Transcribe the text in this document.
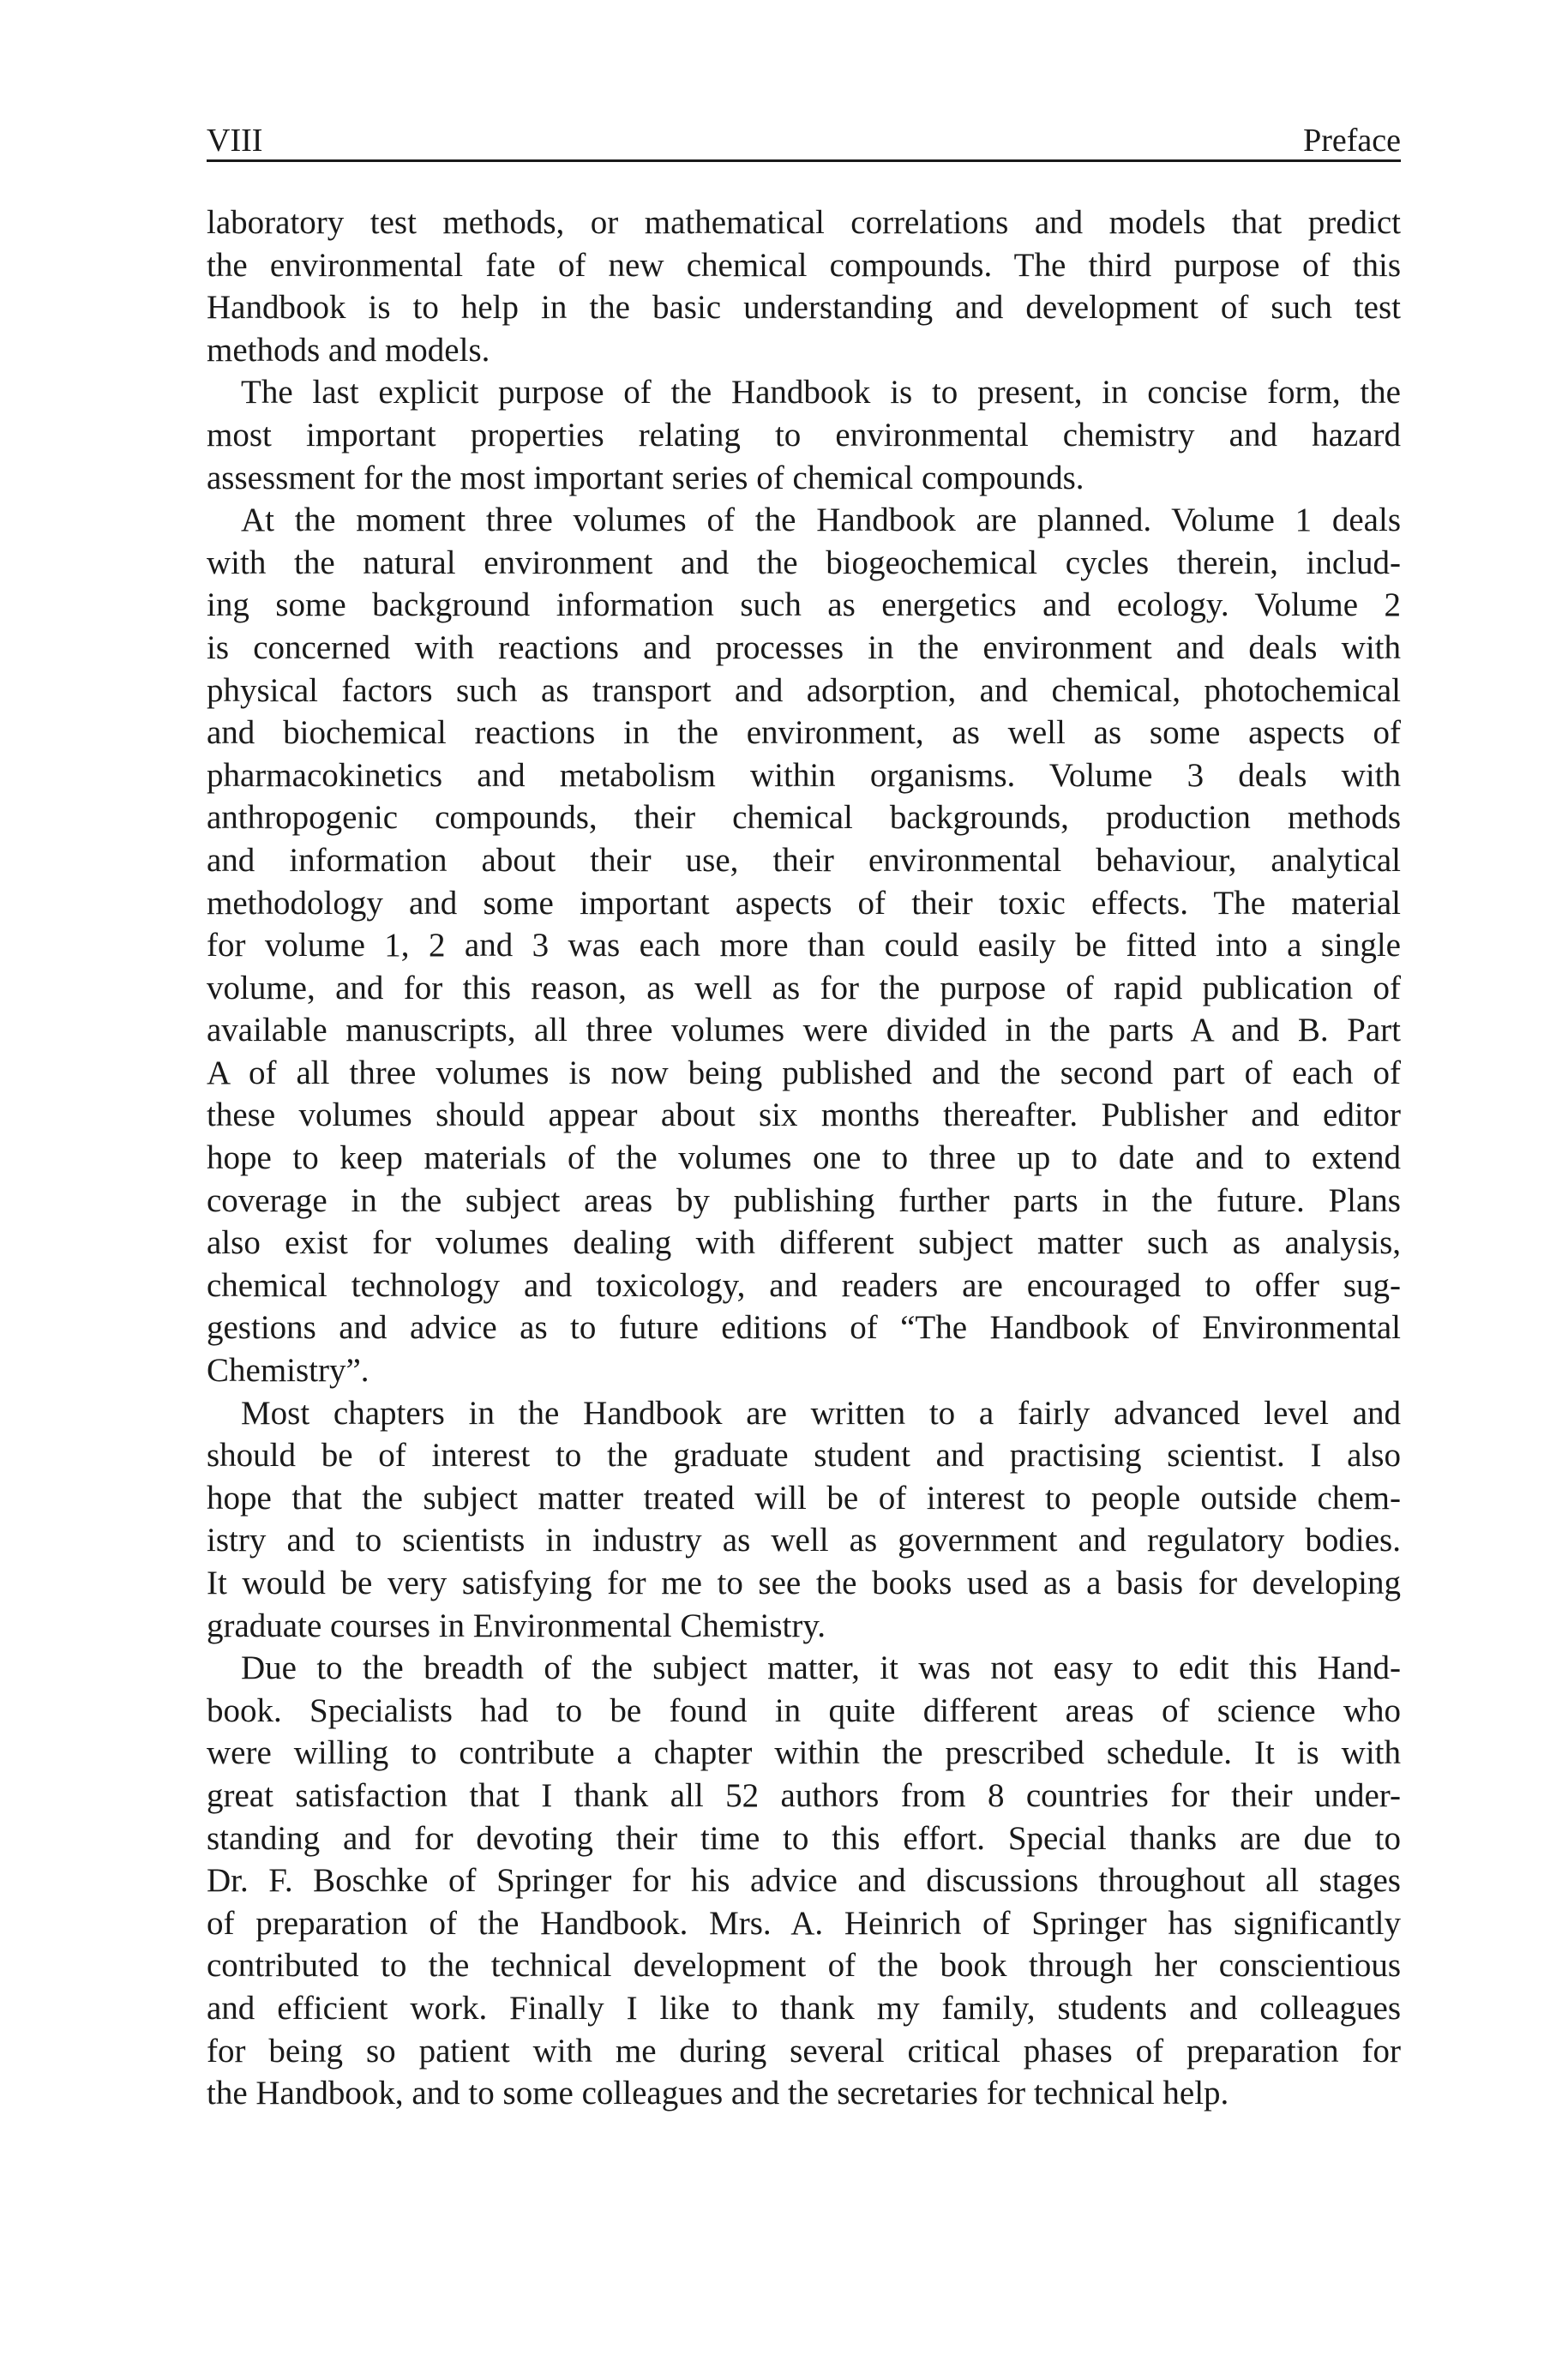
VIII	Preface
laboratory test methods, or mathematical correlations and models that predict
the environmental fate of new chemical compounds. The third purpose of this
Handbook is to help in the basic understanding and development of such test
methods and models.
The last explicit purpose of the Handbook is to present, in concise form, the
most important properties relating to environmental chemistry and hazard
assessment for the most important series of chemical compounds.
At the moment three volumes of the Handbook are planned. Volume 1 deals
with the natural environment and the biogeochemical cycles therein, includ-
ing some background information such as energetics and ecology. Volume 2
is concerned with reactions and processes in the environment and deals with
physical factors such as transport and adsorption, and chemical, photochemical
and biochemical reactions in the environment, as well as some aspects of
pharmacokinetics and metabolism within organisms. Volume 3 deals with
anthropogenic compounds, their chemical backgrounds, production methods
and information about their use, their environmental behaviour, analytical
methodology and some important aspects of their toxic effects. The material
for volume 1, 2 and 3 was each more than could easily be fitted into a single
volume, and for this reason, as well as for the purpose of rapid publication of
available manuscripts, all three volumes were divided in the parts A and B. Part
A of all three volumes is now being published and the second part of each of
these volumes should appear about six months thereafter. Publisher and editor
hope to keep materials of the volumes one to three up to date and to extend
coverage in the subject areas by publishing further parts in the future. Plans
also exist for volumes dealing with different subject matter such as analysis,
chemical technology and toxicology, and readers are encouraged to offer sug-
gestions and advice as to future editions of “The Handbook of Environmental
Chemistry”.
Most chapters in the Handbook are written to a fairly advanced level and
should be of interest to the graduate student and practising scientist. I also
hope that the subject matter treated will be of interest to people outside chem-
istry and to scientists in industry as well as government and regulatory bodies.
It would be very satisfying for me to see the books used as a basis for developing
graduate courses in Environmental Chemistry.
Due to the breadth of the subject matter, it was not easy to edit this Hand-
book. Specialists had to be found in quite different areas of science who
were willing to contribute a chapter within the prescribed schedule. It is with
great satisfaction that I thank all 52 authors from 8 countries for their under-
standing and for devoting their time to this effort. Special thanks are due to
Dr. F. Boschke of Springer for his advice and discussions throughout all stages
of preparation of the Handbook. Mrs. A. Heinrich of Springer has significantly
contributed to the technical development of the book through her conscientious
and efficient work. Finally I like to thank my family, students and colleagues
for being so patient with me during several critical phases of preparation for
the Handbook, and to some colleagues and the secretaries for technical help.
